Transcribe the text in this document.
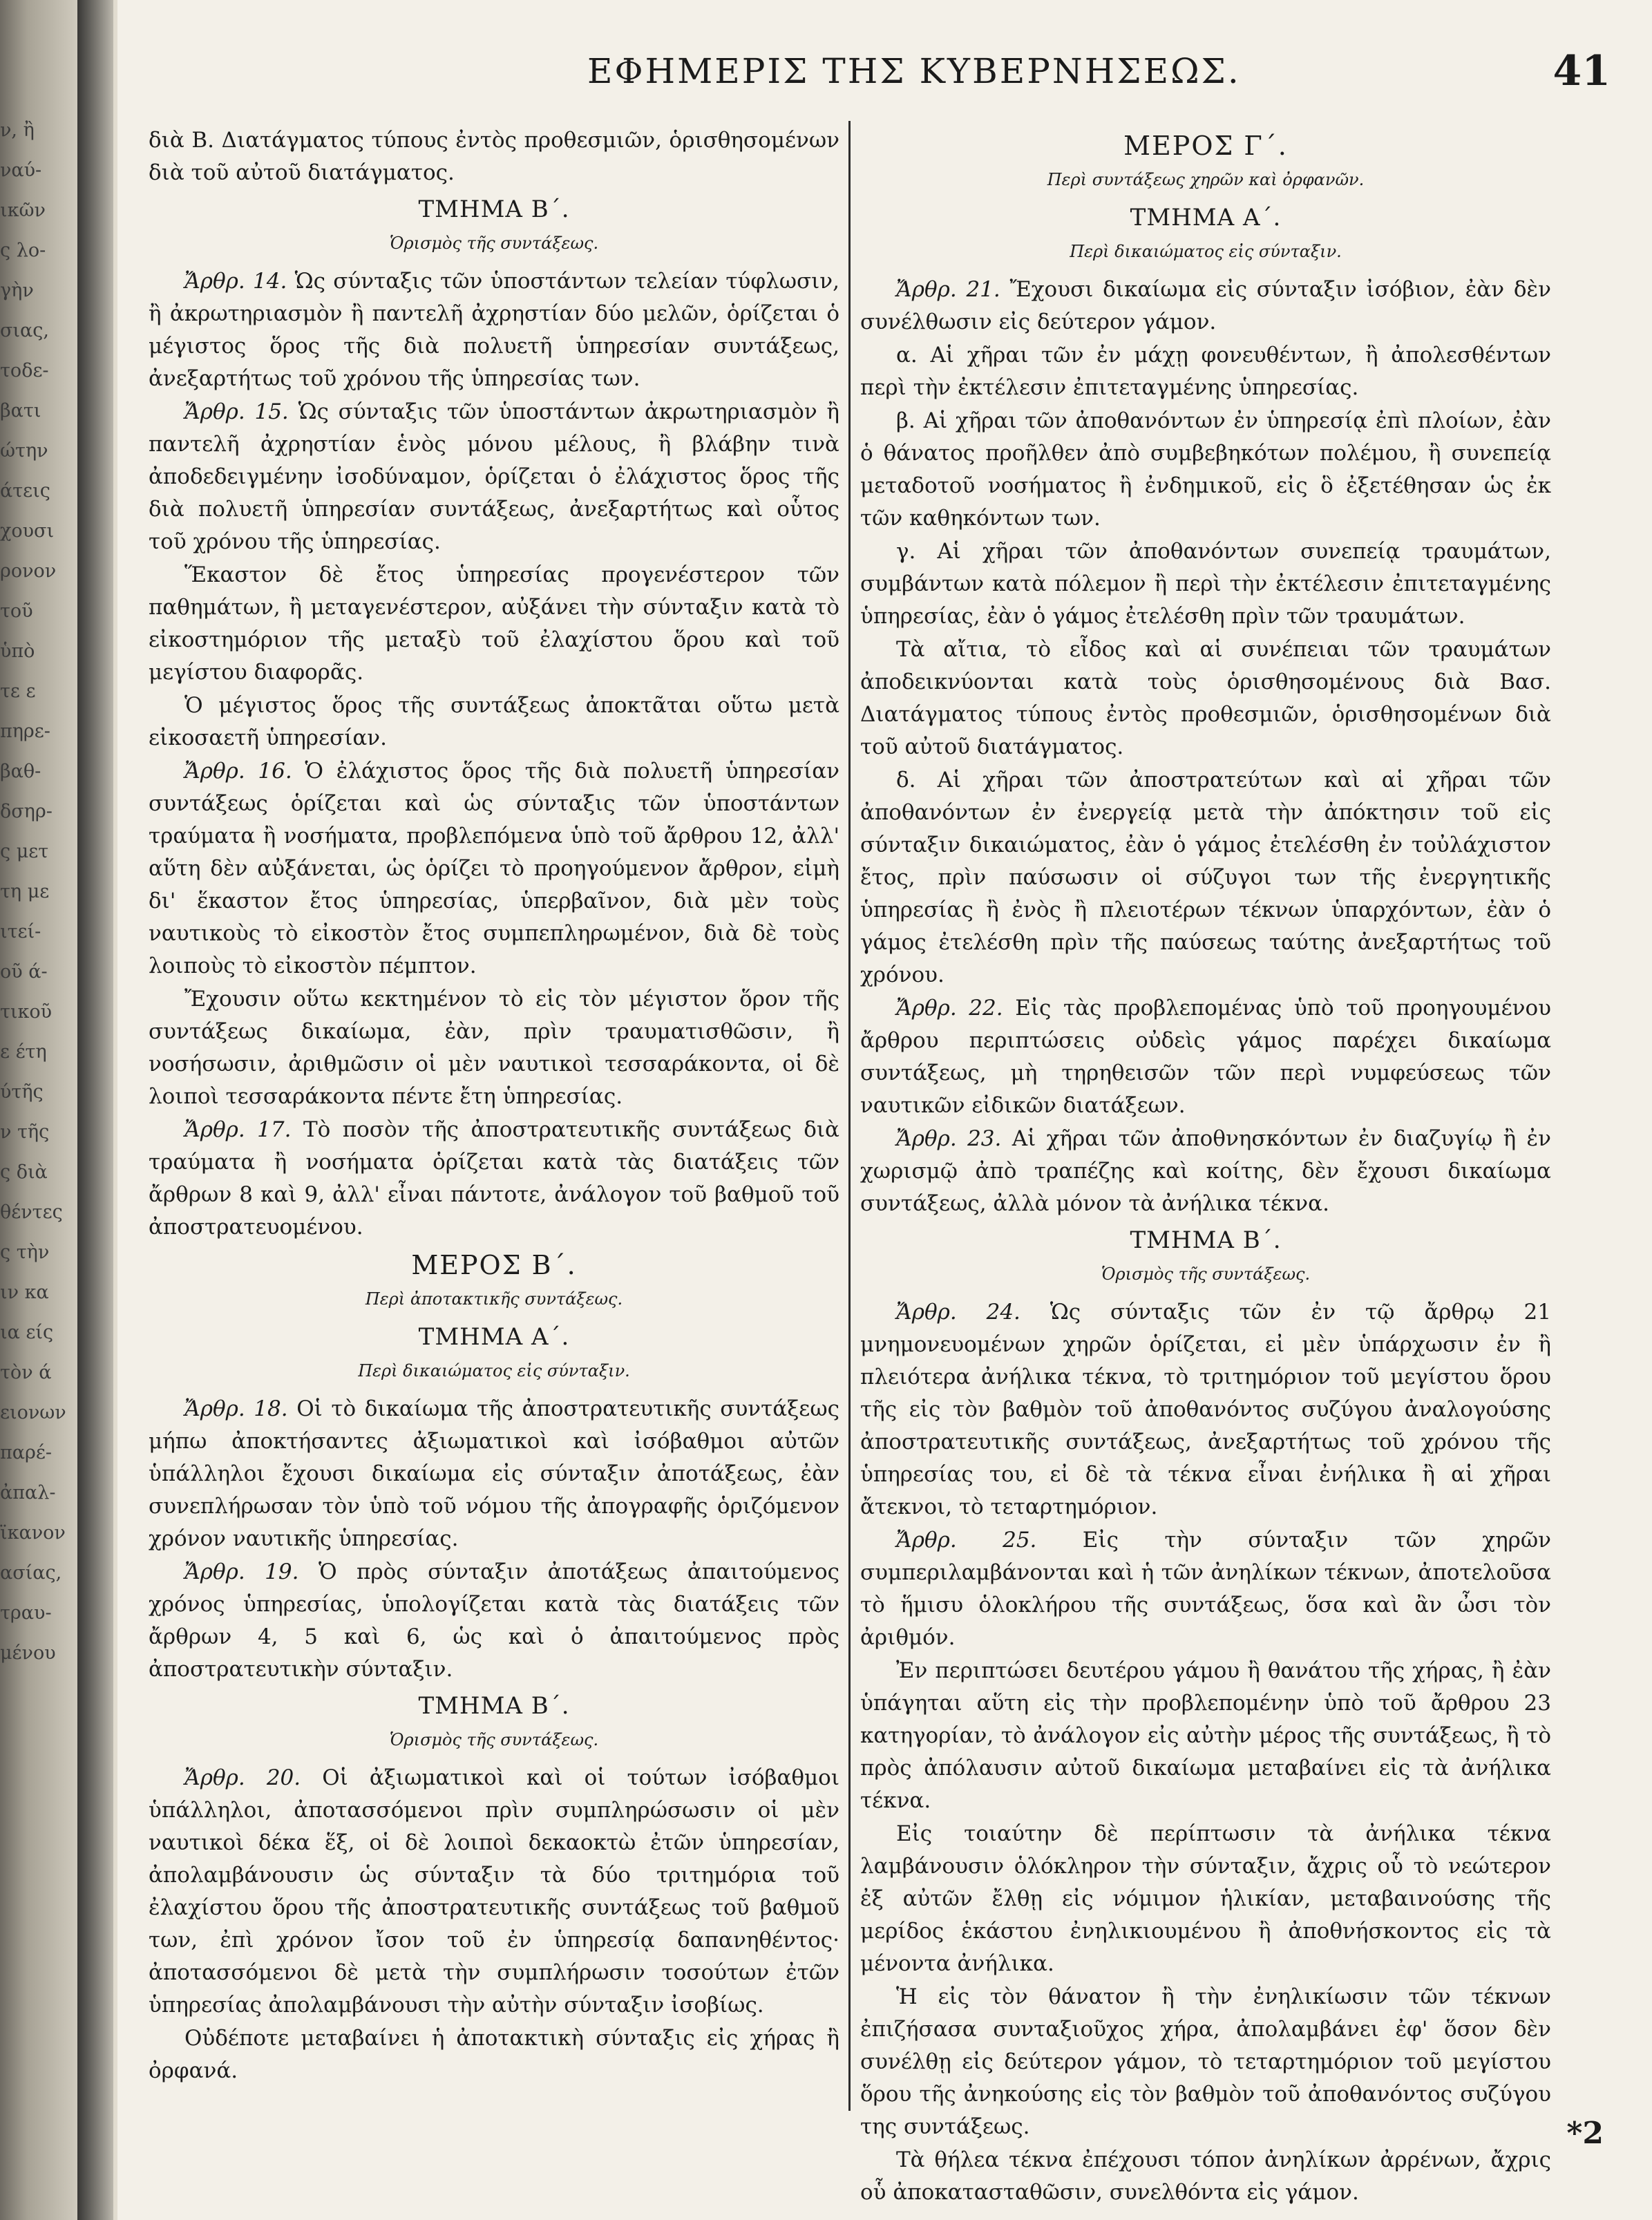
ν, ἢ
ναύ-
ικῶν
ς λο-
γὴν
σιας,
τοδε-
βατι
ώτην
άτεις
χουσι
ρονον
τοῦ
ὑπὸ
τε ε
πηρε-
βαθ-
δσηρ-
ς μετ
τη με
ιτεί-
οῦ ά-
τικοῦ
ε έτη
ύτῆς
ν τῆς
ς διὰ
θέντες
ς τὴν
ιν κα
ια είς
τὸν ά
ειονων
παρέ-
ἀπαλ-
ϊκανον
ασίας,
τραυ-
μένου
ΕΦΗΜΕΡΙΣ ΤΗΣ ΚΥΒΕΡΝΗΣΕΩΣ.	41
διὰ Β. Διατάγματος τύπους ἐντὸς προθεσμιῶν, ὁρισθησομένων διὰ τοῦ αὐτοῦ διατάγματος.
ΤΜΗΜΑ Β΄.
Ὁρισμὸς τῆς συντάξεως.
Ἄρθρ. 14. Ὡς σύνταξις τῶν ὑποστάντων τελείαν τύφλωσιν, ἢ ἀκρωτηριασμὸν ἢ παντελῆ ἀχρηστίαν δύο μελῶν, ὁρίζεται ὁ μέγιστος ὅρος τῆς διὰ πολυετῆ ὑπηρεσίαν συντάξεως, ἀνεξαρτήτως τοῦ χρόνου τῆς ὑπηρεσίας των.
Ἄρθρ. 15. Ὡς σύνταξις τῶν ὑποστάντων ἀκρωτηριασμὸν ἢ παντελῆ ἀχρηστίαν ἑνὸς μόνου μέλους, ἢ βλάβην τινὰ ἀποδεδειγμένην ἰσοδύναμον, ὁρίζεται ὁ ἐλάχιστος ὅρος τῆς διὰ πολυετῆ ὑπηρεσίαν συντάξεως, ἀνεξαρτήτως καὶ οὗτος τοῦ χρόνου τῆς ὑπηρεσίας.
Ἕκαστον δὲ ἔτος ὑπηρεσίας προγενέστερον τῶν παθημάτων, ἢ μεταγενέστερον, αὐξάνει τὴν σύνταξιν κατὰ τὸ εἰκοστημόριον τῆς μεταξὺ τοῦ ἐλαχίστου ὅρου καὶ τοῦ μεγίστου διαφορᾶς.
Ὁ μέγιστος ὅρος τῆς συντάξεως ἀποκτᾶται οὕτω μετὰ εἰκοσαετῆ ὑπηρεσίαν.
Ἄρθρ. 16. Ὁ ἐλάχιστος ὅρος τῆς διὰ πολυετῆ ὑπηρεσίαν συντάξεως ὁρίζεται καὶ ὡς σύνταξις τῶν ὑποστάντων τραύματα ἢ νοσήματα, προβλεπόμενα ὑπὸ τοῦ ἄρθρου 12, ἀλλ' αὕτη δὲν αὐξάνεται, ὡς ὁρίζει τὸ προηγούμενον ἄρθρον, εἰμὴ δι' ἕκαστον ἔτος ὑπηρεσίας, ὑπερβαῖνον, διὰ μὲν τοὺς ναυτικοὺς τὸ εἰκοστὸν ἔτος συμπεπληρωμένον, διὰ δὲ τοὺς λοιποὺς τὸ εἰκοστὸν πέμπτον.
Ἔχουσιν οὕτω κεκτημένον τὸ εἰς τὸν μέγιστον ὅρον τῆς συντάξεως δικαίωμα, ἐὰν, πρὶν τραυματισθῶσιν, ἢ νοσήσωσιν, ἀριθμῶσιν οἱ μὲν ναυτικοὶ τεσσαράκοντα, οἱ δὲ λοιποὶ τεσσαράκοντα πέντε ἔτη ὑπηρεσίας.
Ἄρθρ. 17. Τὸ ποσὸν τῆς ἀποστρατευτικῆς συντάξεως διὰ τραύματα ἢ νοσήματα ὁρίζεται κατὰ τὰς διατάξεις τῶν ἄρθρων 8 καὶ 9, ἀλλ' εἶναι πάντοτε, ἀνάλογον τοῦ βαθμοῦ τοῦ ἀποστρατευομένου.
ΜΕΡΟΣ Β΄.
Περὶ ἀποτακτικῆς συντάξεως.
ΤΜΗΜΑ Α΄.
Περὶ δικαιώματος εἰς σύνταξιν.
Ἄρθρ. 18. Οἱ τὸ δικαίωμα τῆς ἀποστρατευτικῆς συντάξεως μήπω ἀποκτήσαντες ἀξιωματικοὶ καὶ ἰσόβαθμοι αὐτῶν ὑπάλληλοι ἔχουσι δικαίωμα εἰς σύνταξιν ἀποτάξεως, ἐὰν συνεπλήρωσαν τὸν ὑπὸ τοῦ νόμου τῆς ἀπογραφῆς ὁριζόμενον χρόνον ναυτικῆς ὑπηρεσίας.
Ἄρθρ. 19. Ὁ πρὸς σύνταξιν ἀποτάξεως ἀπαιτούμενος χρόνος ὑπηρεσίας, ὑπολογίζεται κατὰ τὰς διατάξεις τῶν ἄρθρων 4, 5 καὶ 6, ὡς καὶ ὁ ἀπαιτούμενος πρὸς ἀποστρατευτικὴν σύνταξιν.
ΤΜΗΜΑ Β΄.
Ὁρισμὸς τῆς συντάξεως.
Ἄρθρ. 20. Οἱ ἀξιωματικοὶ καὶ οἱ τούτων ἰσόβαθμοι ὑπάλληλοι, ἀποτασσόμενοι πρὶν συμπληρώσωσιν οἱ μὲν ναυτικοὶ δέκα ἕξ, οἱ δὲ λοιποὶ δεκαοκτὼ ἐτῶν ὑπηρεσίαν, ἀπολαμβάνουσιν ὡς σύνταξιν τὰ δύο τριτημόρια τοῦ ἐλαχίστου ὅρου τῆς ἀποστρατευτικῆς συντάξεως τοῦ βαθμοῦ των, ἐπὶ χρόνον ἴσον τοῦ ἐν ὑπηρεσίᾳ δαπανηθέντος· ἀποτασσόμενοι δὲ μετὰ τὴν συμπλήρωσιν τοσούτων ἐτῶν ὑπηρεσίας ἀπολαμβάνουσι τὴν αὐτὴν σύνταξιν ἰσοβίως.
Οὐδέποτε μεταβαίνει ἡ ἀποτακτικὴ σύνταξις εἰς χήρας ἢ ὀρφανά.
ΜΕΡΟΣ Γ΄.
Περὶ συντάξεως χηρῶν καὶ ὀρφανῶν.
ΤΜΗΜΑ Α΄.
Περὶ δικαιώματος εἰς σύνταξιν.
Ἄρθρ. 21. Ἔχουσι δικαίωμα εἰς σύνταξιν ἰσόβιον, ἐὰν δὲν συνέλθωσιν εἰς δεύτερον γάμον.
α. Αἱ χῆραι τῶν ἐν μάχῃ φονευθέντων, ἢ ἀπολεσθέντων περὶ τὴν ἐκτέλεσιν ἐπιτεταγμένης ὑπηρεσίας.
β. Αἱ χῆραι τῶν ἀποθανόντων ἐν ὑπηρεσίᾳ ἐπὶ πλοίων, ἐὰν ὁ θάνατος προῆλθεν ἀπὸ συμβεβηκότων πολέμου, ἢ συνεπείᾳ μεταδοτοῦ νοσήματος ἢ ἐνδημικοῦ, εἰς ὃ ἐξετέθησαν ὡς ἐκ τῶν καθηκόντων των.
γ. Αἱ χῆραι τῶν ἀποθανόντων συνεπείᾳ τραυμάτων, συμβάντων κατὰ πόλεμον ἢ περὶ τὴν ἐκτέλεσιν ἐπιτεταγμένης ὑπηρεσίας, ἐὰν ὁ γάμος ἐτελέσθη πρὶν τῶν τραυμάτων.
Τὰ αἴτια, τὸ εἶδος καὶ αἱ συνέπειαι τῶν τραυμάτων ἀποδεικνύονται κατὰ τοὺς ὁρισθησομένους διὰ Βασ. Διατάγματος τύπους ἐντὸς προθεσμιῶν, ὁρισθησομένων διὰ τοῦ αὐτοῦ διατάγματος.
δ. Αἱ χῆραι τῶν ἀποστρατεύτων καὶ αἱ χῆραι τῶν ἀποθανόντων ἐν ἐνεργείᾳ μετὰ τὴν ἀπόκτησιν τοῦ εἰς σύνταξιν δικαιώματος, ἐὰν ὁ γάμος ἐτελέσθη ἐν τοὐλάχιστον ἔτος, πρὶν παύσωσιν οἱ σύζυγοι των τῆς ἐνεργητικῆς ὑπηρεσίας ἢ ἐνὸς ἢ πλειοτέρων τέκνων ὑπαρχόντων, ἐὰν ὁ γάμος ἐτελέσθη πρὶν τῆς παύσεως ταύτης ἀνεξαρτήτως τοῦ χρόνου.
Ἄρθρ. 22. Εἰς τὰς προβλεπομένας ὑπὸ τοῦ προηγουμένου ἄρθρου περιπτώσεις οὐδεὶς γάμος παρέχει δικαίωμα συντάξεως, μὴ τηρηθεισῶν τῶν περὶ νυμφεύσεως τῶν ναυτικῶν εἰδικῶν διατάξεων.
Ἄρθρ. 23. Αἱ χῆραι τῶν ἀποθνησκόντων ἐν διαζυγίῳ ἢ ἐν χωρισμῷ ἀπὸ τραπέζης καὶ κοίτης, δὲν ἔχουσι δικαίωμα συντάξεως, ἀλλὰ μόνον τὰ ἀνήλικα τέκνα.
ΤΜΗΜΑ Β΄.
Ὁρισμὸς τῆς συντάξεως.
Ἄρθρ. 24. Ὡς σύνταξις τῶν ἐν τῷ ἄρθρῳ 21 μνημονευομένων χηρῶν ὁρίζεται, εἰ μὲν ὑπάρχωσιν ἐν ἢ πλειότερα ἀνήλικα τέκνα, τὸ τριτημόριον τοῦ μεγίστου ὅρου τῆς εἰς τὸν βαθμὸν τοῦ ἀποθανόντος συζύγου ἀναλογούσης ἀποστρατευτικῆς συντάξεως, ἀνεξαρτήτως τοῦ χρόνου τῆς ὑπηρεσίας του, εἰ δὲ τὰ τέκνα εἶναι ἐνήλικα ἢ αἱ χῆραι ἄτεκνοι, τὸ τεταρτημόριον.
Ἄρθρ. 25. Εἰς τὴν σύνταξιν τῶν χηρῶν συμπεριλαμβάνονται καὶ ἡ τῶν ἀνηλίκων τέκνων, ἀποτελοῦσα τὸ ἥμισυ ὁλοκλήρου τῆς συντάξεως, ὅσα καὶ ἂν ὦσι τὸν ἀριθμόν.
Ἐν περιπτώσει δευτέρου γάμου ἢ θανάτου τῆς χήρας, ἢ ἐὰν ὑπάγηται αὕτη εἰς τὴν προβλεπομένην ὑπὸ τοῦ ἄρθρου 23 κατηγορίαν, τὸ ἀνάλογον εἰς αὐτὴν μέρος τῆς συντάξεως, ἢ τὸ πρὸς ἀπόλαυσιν αὐτοῦ δικαίωμα μεταβαίνει εἰς τὰ ἀνήλικα τέκνα.
Εἰς τοιαύτην δὲ περίπτωσιν τὰ ἀνήλικα τέκνα λαμβάνουσιν ὁλόκληρον τὴν σύνταξιν, ἄχρις οὗ τὸ νεώτερον ἐξ αὐτῶν ἔλθῃ εἰς νόμιμον ἡλικίαν, μεταβαινούσης τῆς μερίδος ἑκάστου ἐνηλικιουμένου ἢ ἀποθνήσκοντος εἰς τὰ μένοντα ἀνήλικα.
Ἡ εἰς τὸν θάνατον ἢ τὴν ἐνηλικίωσιν τῶν τέκνων ἐπιζήσασα συνταξιοῦχος χήρα, ἀπολαμβάνει ἐφ' ὅσον δὲν συνέλθῃ εἰς δεύτερον γάμον, τὸ τεταρτημόριον τοῦ μεγίστου ὅρου τῆς ἀνηκούσης εἰς τὸν βαθμὸν τοῦ ἀποθανόντος συζύγου της συντάξεως.
Τὰ θήλεα τέκνα ἐπέχουσι τόπον ἀνηλίκων ἀρρένων, ἄχρις οὗ ἀποκατασταθῶσιν, συνελθόντα εἰς γάμον.
*2
